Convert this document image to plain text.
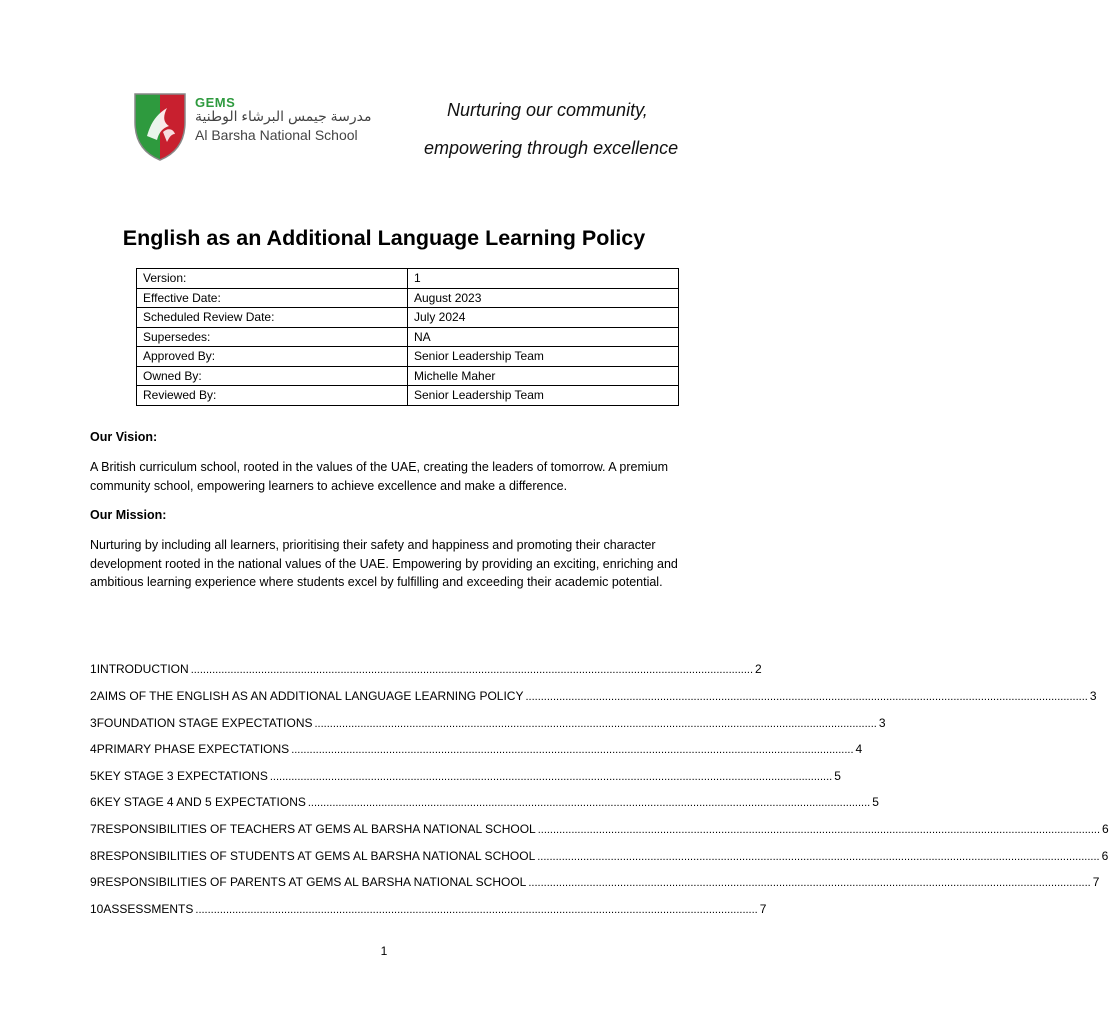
GEMS
مدرسة جيمس البرشاء الوطنية
Al Barsha National School
Nurturing our community,
empowering through excellence
English as an Additional Language Learning Policy
Version:	1
Effective Date:	August 2023
Scheduled Review Date:	July 2024
Supersedes:	NA
Approved By:	Senior Leadership Team
Owned By:	Michelle Maher
Reviewed By:	Senior Leadership Team
Our Vision:
A British curriculum school, rooted in the values of the UAE, creating the leaders of tomorrow. A premium community school, empowering learners to achieve excellence and make a difference.
Our Mission:
Nurturing by including all learners, prioritising their safety and happiness and promoting their character development rooted in the national values of the UAE. Empowering by providing an exciting, enriching and ambitious learning experience where students excel by fulfilling and exceeding their academic potential.
1 INTRODUCTION ........................................................................................................................................................................................ 2
2 AIMS OF THE ENGLISH AS AN ADDITIONAL LANGUAGE LEARNING POLICY ........................................................................................................................................................................................ 3
3 FOUNDATION STAGE EXPECTATIONS ........................................................................................................................................................................................ 3
4 PRIMARY PHASE EXPECTATIONS ........................................................................................................................................................................................ 4
5 KEY STAGE 3 EXPECTATIONS ........................................................................................................................................................................................ 5
6 KEY STAGE 4 AND 5 EXPECTATIONS ........................................................................................................................................................................................ 5
7 RESPONSIBILITIES OF TEACHERS AT GEMS AL BARSHA NATIONAL SCHOOL ........................................................................................................................................................................................ 6
8 RESPONSIBILITIES OF STUDENTS AT GEMS AL BARSHA NATIONAL SCHOOL ........................................................................................................................................................................................ 6
9 RESPONSIBILITIES OF PARENTS AT GEMS AL BARSHA NATIONAL SCHOOL ........................................................................................................................................................................................ 7
10 ASSESSMENTS ........................................................................................................................................................................................ 7
1
